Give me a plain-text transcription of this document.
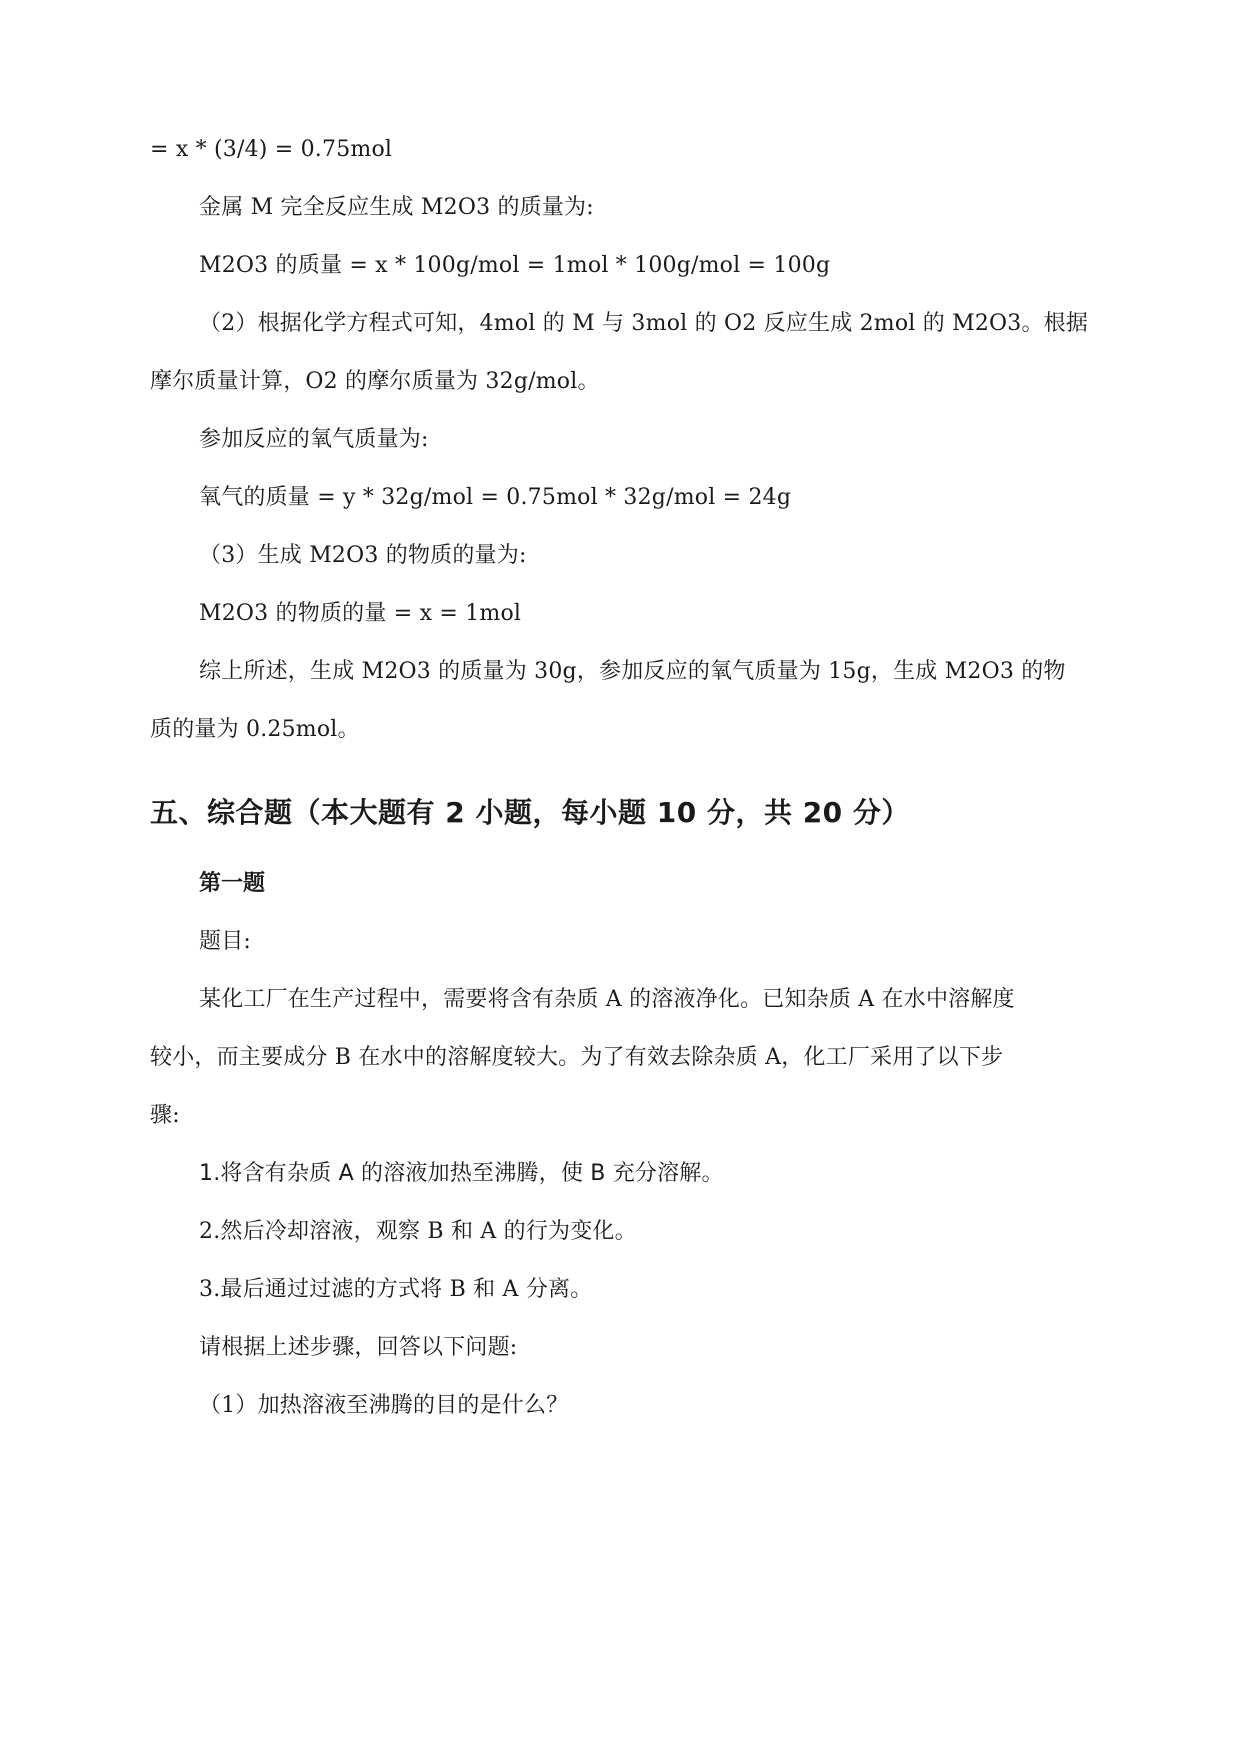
= x * (3/4) = 0.75mol
金属 M 完全反应生成 M2O3 的质量为:
M2O3 的质量 = x * 100g/mol = 1mol * 100g/mol = 100g
（2）根据化学方程式可知，4mol 的 M 与 3mol 的 O2 反应生成 2mol 的 M2O3。根据
摩尔质量计算，O2 的摩尔质量为 32g/mol。
参加反应的氧气质量为:
氧气的质量 = y * 32g/mol = 0.75mol * 32g/mol = 24g
（3）生成 M2O3 的物质的量为:
M2O3 的物质的量 = x = 1mol
综上所述，生成 M2O3 的质量为 30g，参加反应的氧气质量为 15g，生成 M2O3 的物
质的量为 0.25mol。
五、综合题（本大题有 2 小题，每小题 10 分，共 20 分）
第一题
题目:
某化工厂在生产过程中，需要将含有杂质 A 的溶液净化。已知杂质 A 在水中溶解度
较小，而主要成分 B 在水中的溶解度较大。为了有效去除杂质 A，化工厂采用了以下步
骤:
1.将含有杂质 A 的溶液加热至沸腾，使 B 充分溶解。
2.然后冷却溶液，观察 B 和 A 的行为变化。
3.最后通过过滤的方式将 B 和 A 分离。
请根据上述步骤，回答以下问题:
（1）加热溶液至沸腾的目的是什么？
